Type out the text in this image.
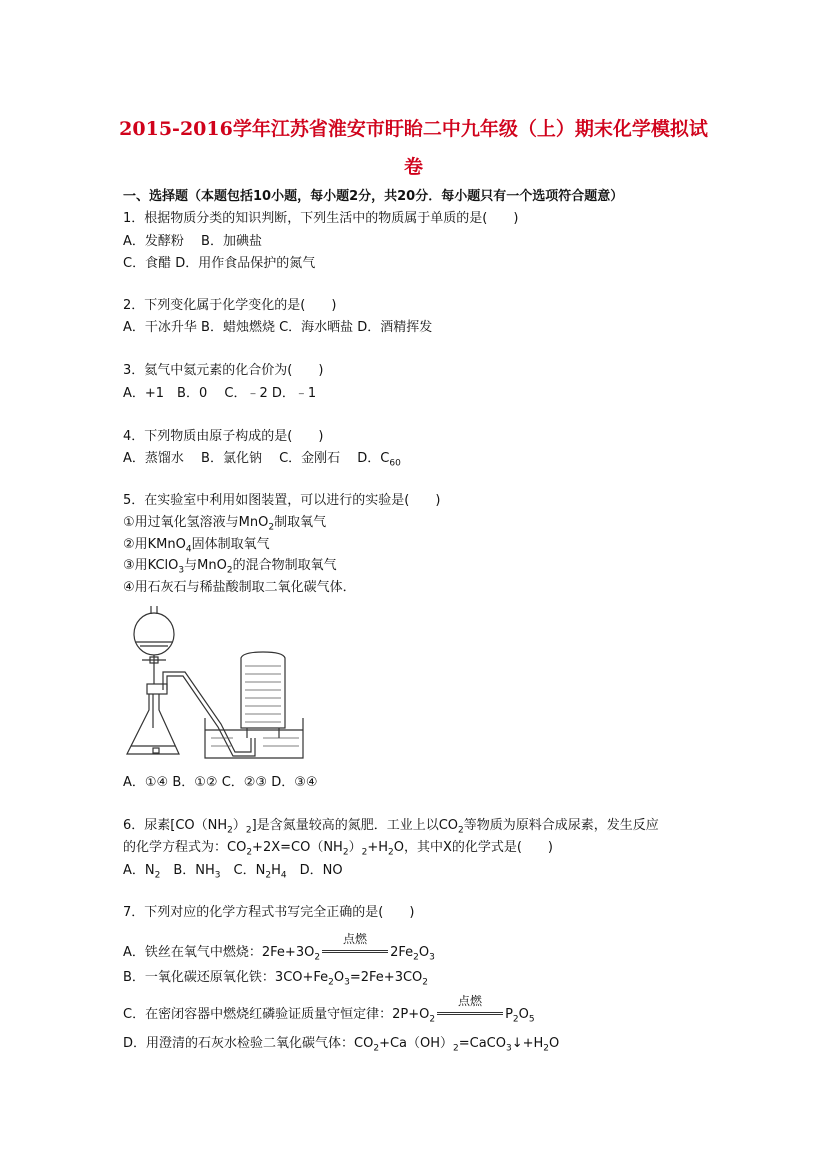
2015-2016学年江苏省淮安市盱眙二中九年级（上）期末化学模拟试
卷
一、选择题（本题包括10小题，每小题2分，共20分．每小题只有一个选项符合题意）
1．根据物质分类的知识判断，下列生活中的物质属于单质的是(　　)
A．发酵粉　 B．加碘盐
C．食醋 D．用作食品保护的氮气
2．下列变化属于化学变化的是(　　)
A．干冰升华 B．蜡烛燃烧 C．海水晒盐 D．酒精挥发
3．氦气中氦元素的化合价为(　　)
A．+1　B．0　 C．﹣2 D．﹣1
4．下列物质由原子构成的是(　　)
A．蒸馏水　 B．氯化钠　 C．金刚石　 D．$C_{60}$
5．在实验室中利用如图装置，可以进行的实验是(　　)
①用过氧化氢溶液与MnO$_2$制取氧气
②用KMnO$_4$固体制取氧气
③用KClO$_3$与MnO$_2$的混合物制取氧气
④用石灰石与稀盐酸制取二氧化碳气体．
A．①④ B．①② C．②③ D．③④
6．尿素$[CO(NH_2)_2]$是含氮量较高的氮肥．工业上以$CO_2$等物质为原料合成尿素，发生反应
的化学方程式为：$CO_2+2X=CO(NH_2)_2+H_2O$，其中X的化学式是(　　)
A．$N_2$　B．$NH_3$　C．$N_2H_4$　D．NO
7．下列对应的化学方程式书写完全正确的是(　　)
A．铁丝在氧气中燃烧：$2Fe+3O_2$
点燃
$2Fe_2O_3$
B．一氧化碳还原氧化铁：$3CO+Fe_2O_3=2Fe+3CO_2$
C．在密闭容器中燃烧红磷验证质量守恒定律：$2P+O_2$
点燃
$P_2O_5$
D．用澄清的石灰水检验二氧化碳气体：$CO_2+Ca(OH)_2=CaCO_3↓+H_2O$
